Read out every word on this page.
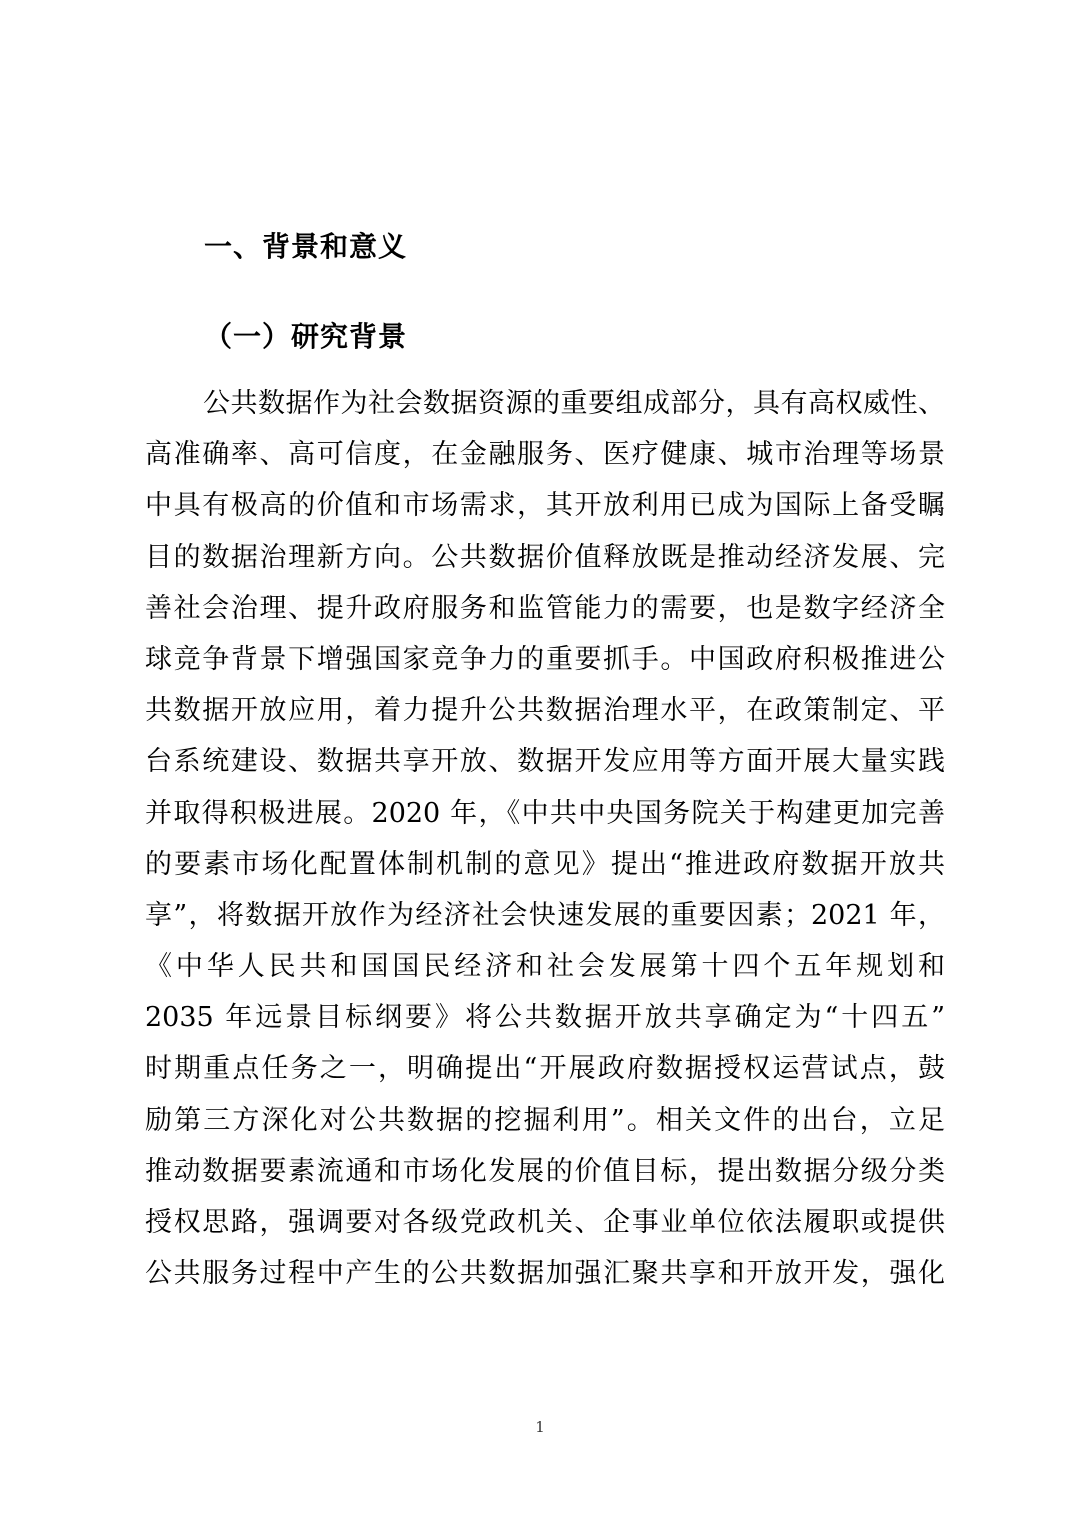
一、背景和意义
（一）研究背景
公共数据作为社会数据资源的重要组成部分，具有高权威性、
高准确率、高可信度，在金融服务、医疗健康、城市治理等场景
中具有极高的价值和市场需求，其开放利用已成为国际上备受瞩
目的数据治理新方向。公共数据价值释放既是推动经济发展、完
善社会治理、提升政府服务和监管能力的需要，也是数字经济全
球竞争背景下增强国家竞争力的重要抓手。中国政府积极推进公
共数据开放应用，着力提升公共数据治理水平，在政策制定、平
台系统建设、数据共享开放、数据开发应用等方面开展大量实践
并取得积极进展。2020 年，《中共中央国务院关于构建更加完善
的要素市场化配置体制机制的意见》提出“推进政府数据开放共
享”，将数据开放作为经济社会快速发展的重要因素；2021 年，
《中华人民共和国国民经济和社会发展第十四个五年规划和
2035 年远景目标纲要》将公共数据开放共享确定为“十四五”
时期重点任务之一，明确提出“开展政府数据授权运营试点，鼓
励第三方深化对公共数据的挖掘利用”。相关文件的出台，立足
推动数据要素流通和市场化发展的价值目标，提出数据分级分类
授权思路，强调要对各级党政机关、企事业单位依法履职或提供
公共服务过程中产生的公共数据加强汇聚共享和开放开发，强化
1
